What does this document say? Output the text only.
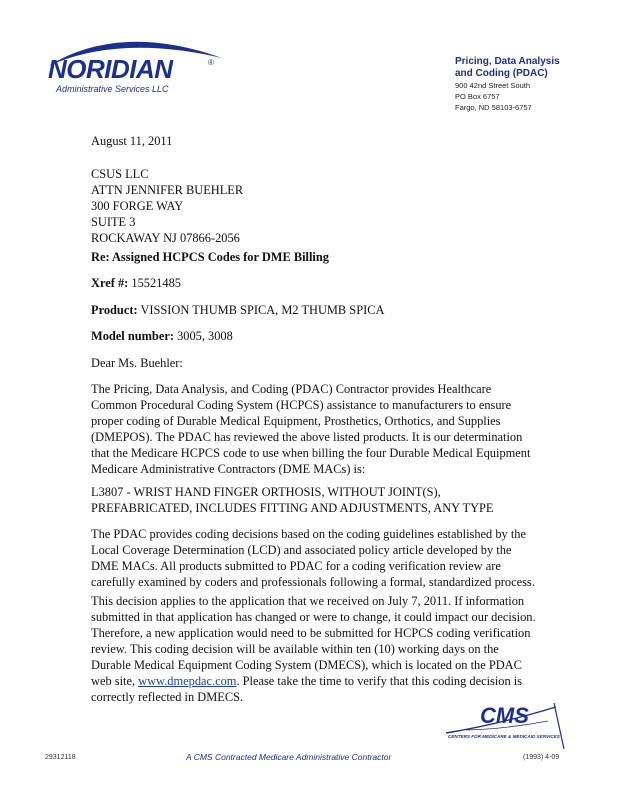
NORIDIAN	®
Administrative Services LLC
Pricing, Data Analysis
and Coding (PDAC)
900 42nd Street South
PO Box 6757
Fargo, ND 58103-6757
August 11, 2011
CSUS LLC
ATTN JENNIFER BUEHLER
300 FORGE WAY
SUITE 3
ROCKAWAY NJ 07866-2056
Re: Assigned HCPCS Codes for DME Billing
Xref #: 15521485
Product: VISSION THUMB SPICA, M2 THUMB SPICA
Model number: 3005, 3008
Dear Ms. Buehler:
The Pricing, Data Analysis, and Coding (PDAC) Contractor provides Healthcare
Common Procedural Coding System (HCPCS) assistance to manufacturers to ensure
proper coding of Durable Medical Equipment, Prosthetics, Orthotics, and Supplies
(DMEPOS). The PDAC has reviewed the above listed products. It is our determination
that the Medicare HCPCS code to use when billing the four Durable Medical Equipment
Medicare Administrative Contractors (DME MACs) is:
L3807 - WRIST HAND FINGER ORTHOSIS, WITHOUT JOINT(S),
PREFABRICATED, INCLUDES FITTING AND ADJUSTMENTS, ANY TYPE
The PDAC provides coding decisions based on the coding guidelines established by the
Local Coverage Determination (LCD) and associated policy article developed by the
DME MACs. All products submitted to PDAC for a coding verification review are
carefully examined by coders and professionals following a formal, standardized process.
This decision applies to the application that we received on July 7, 2011. If information
submitted in that application has changed or were to change, it could impact our decision.
Therefore, a new application would need to be submitted for HCPCS coding verification
review. This coding decision will be available within ten (10) working days on the
Durable Medical Equipment Coding System (DMECS), which is located on the PDAC
web site, www.dmepdac.com. Please take the time to verify that this coding decision is
correctly reflected in DMECS.
CMS
CENTERS FOR MEDICARE & MEDICAID SERVICES
29312118	A CMS Contracted Medicare Administrative Contractor	(1993) 4-09
